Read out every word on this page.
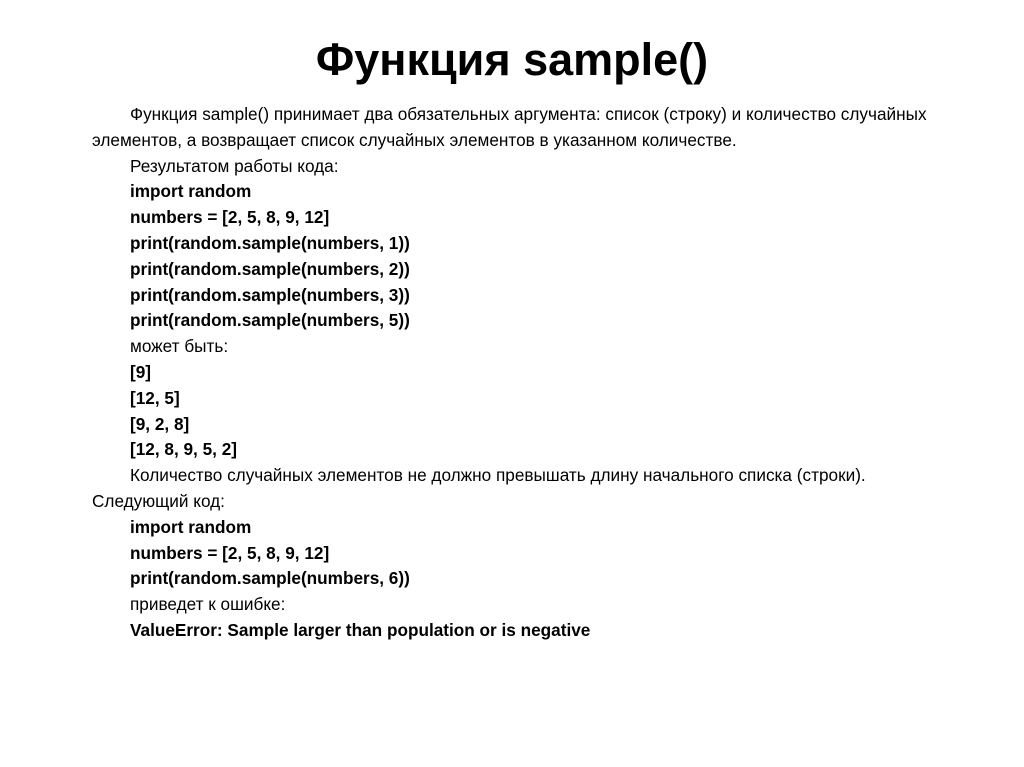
Функция sample()

Функция sample() принимает два обязательных аргумента: список (строку) и количество случайных элементов, а возвращает список случайных элементов в указанном количестве.

Результатом работы кода:

import random

numbers = [2, 5, 8, 9, 12]

print(random.sample(numbers, 1))

print(random.sample(numbers, 2))

print(random.sample(numbers, 3))

print(random.sample(numbers, 5))

может быть:

[9]

[12, 5]

[9, 2, 8]

[12, 8, 9, 5, 2]

Количество случайных элементов не должно превышать длину начального списка (строки).

Следующий код:

import random

numbers = [2, 5, 8, 9, 12]

print(random.sample(numbers, 6))

приведет к ошибке:

ValueError: Sample larger than population or is negative
